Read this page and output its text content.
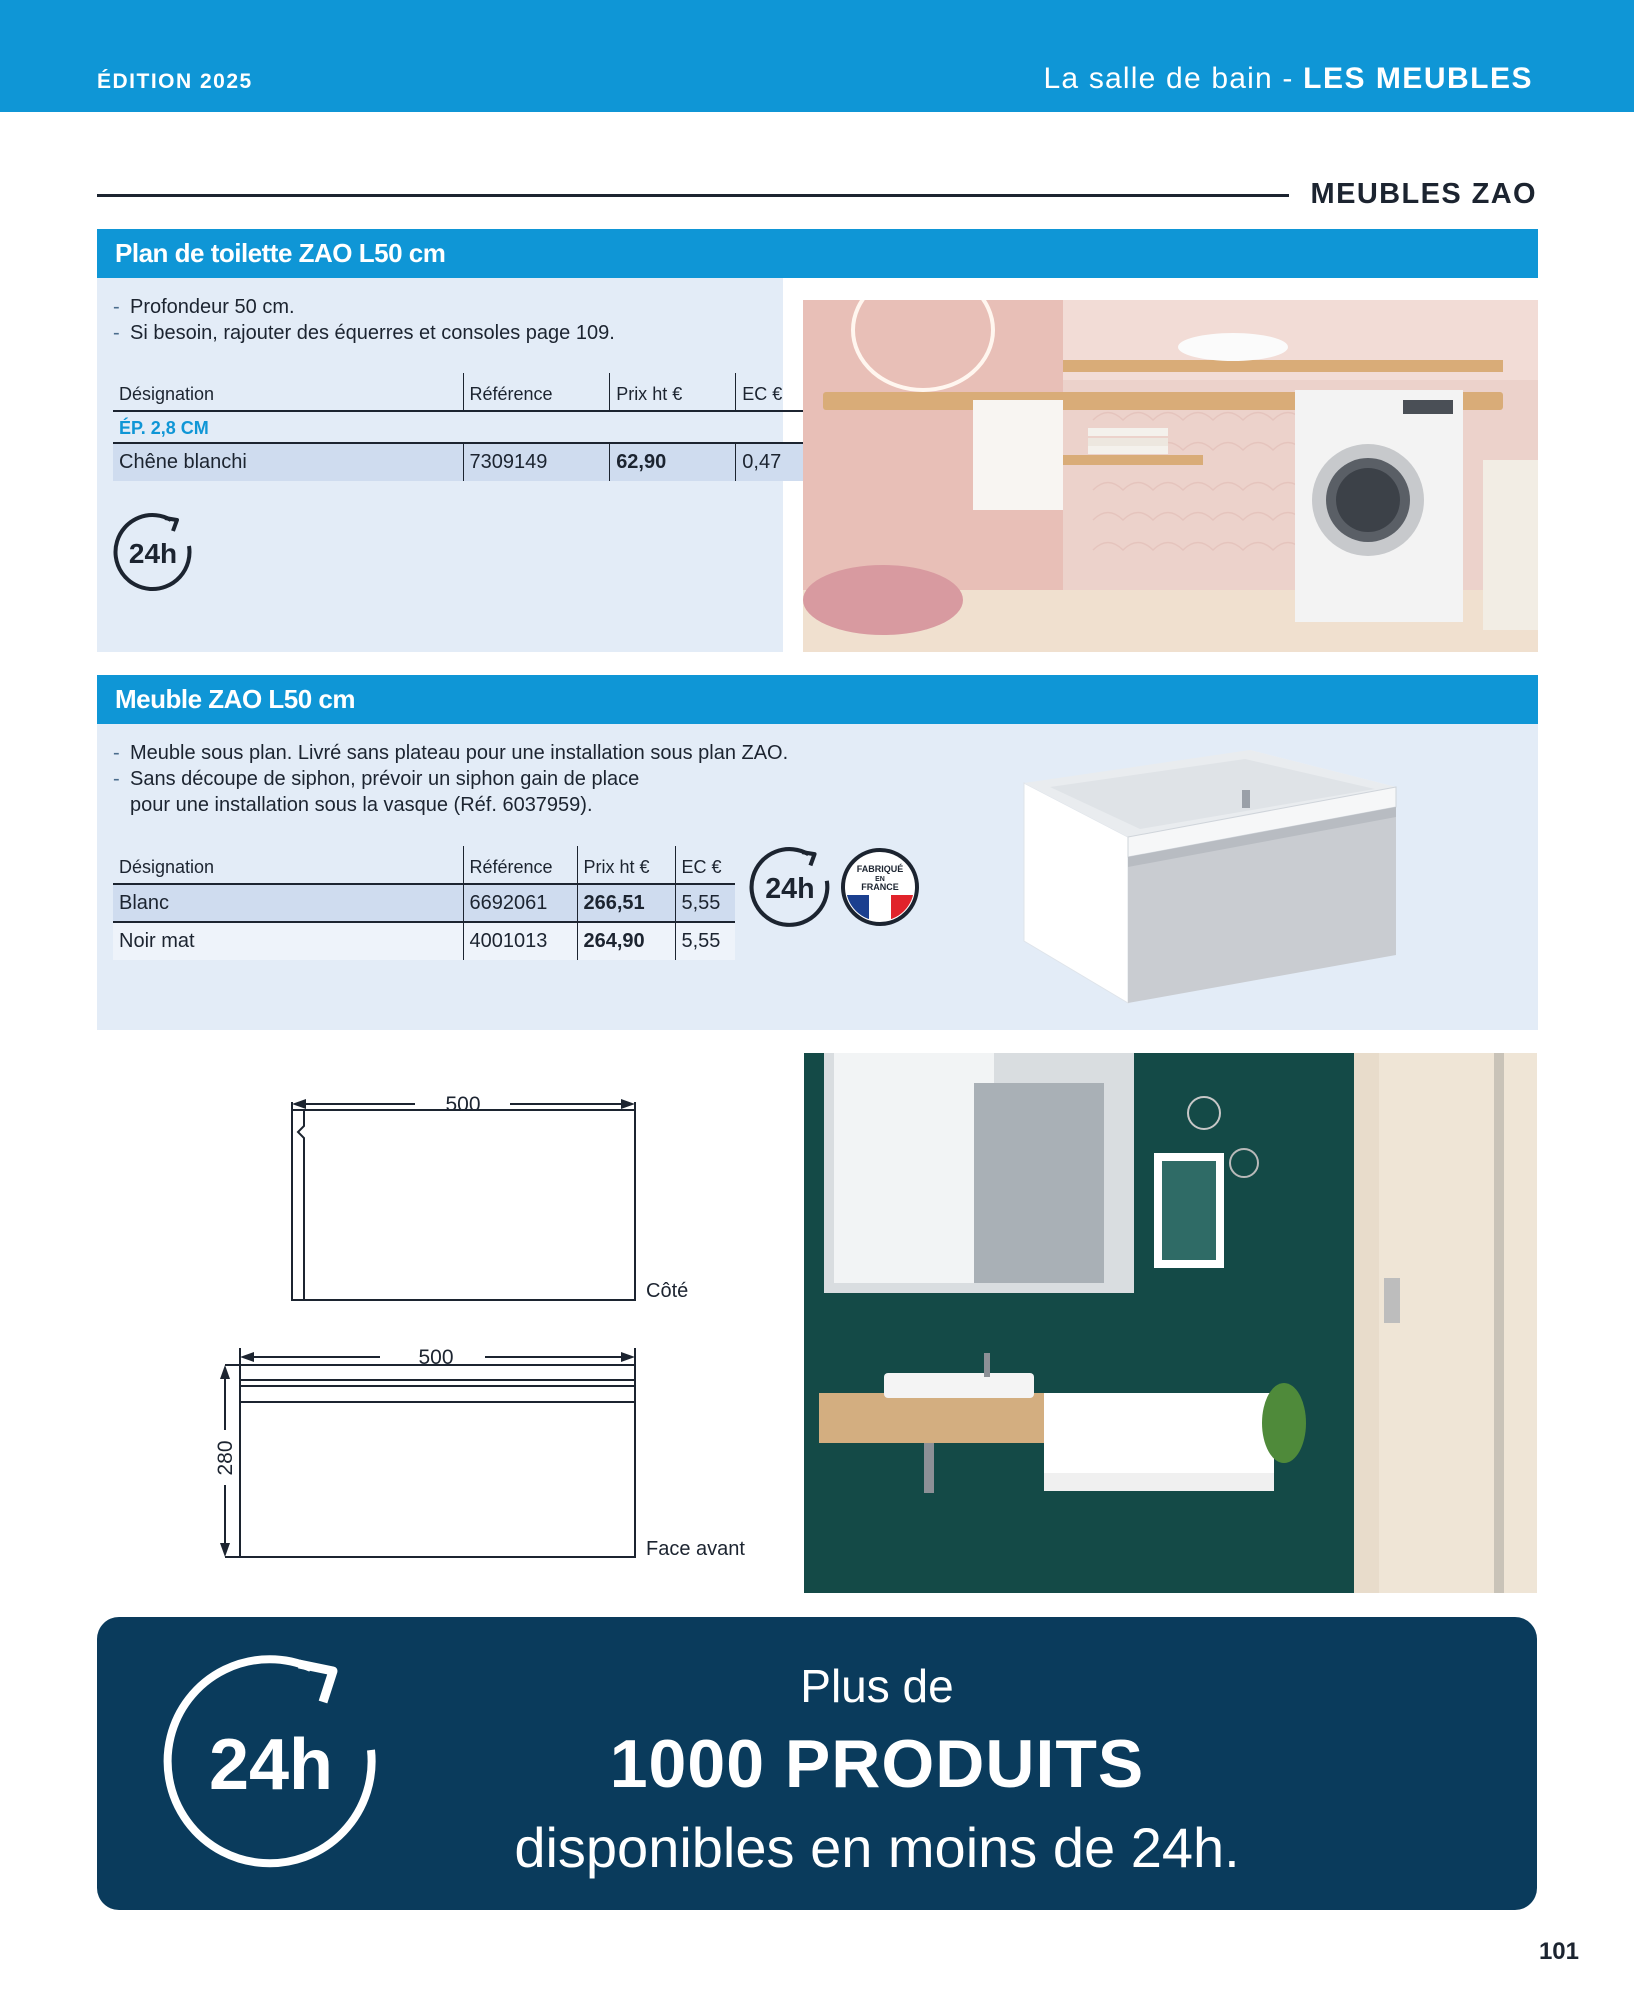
ÉDITION 2025	La salle de bain - LES MEUBLES
MEUBLES ZAO
Plan de toilette ZAO L50 cm
- Profondeur 50 cm.
- Si besoin, rajouter des équerres et consoles page 109.
Désignation	Référence	Prix ht €	EC €
ÉP. 2,8 CM			
Chêne blanchi	7309149	62,90	0,47
24h
Meuble ZAO L50 cm
- Meuble sous plan. Livré sans plateau pour une installation sous plan ZAO.
- Sans découpe de siphon, prévoir un siphon gain de place
pour une installation sous la vasque (Réf. 6037959).
Désignation	Référence	Prix ht €	EC €
Blanc	6692061	266,51	5,55
Noir mat	4001013	264,90	5,55
24h
FABRIQUÉ
EN
FRANCE
500
500
280
Côté
Face avant
24h
Plus de
1000 PRODUITS
disponibles en moins de 24h.
101
